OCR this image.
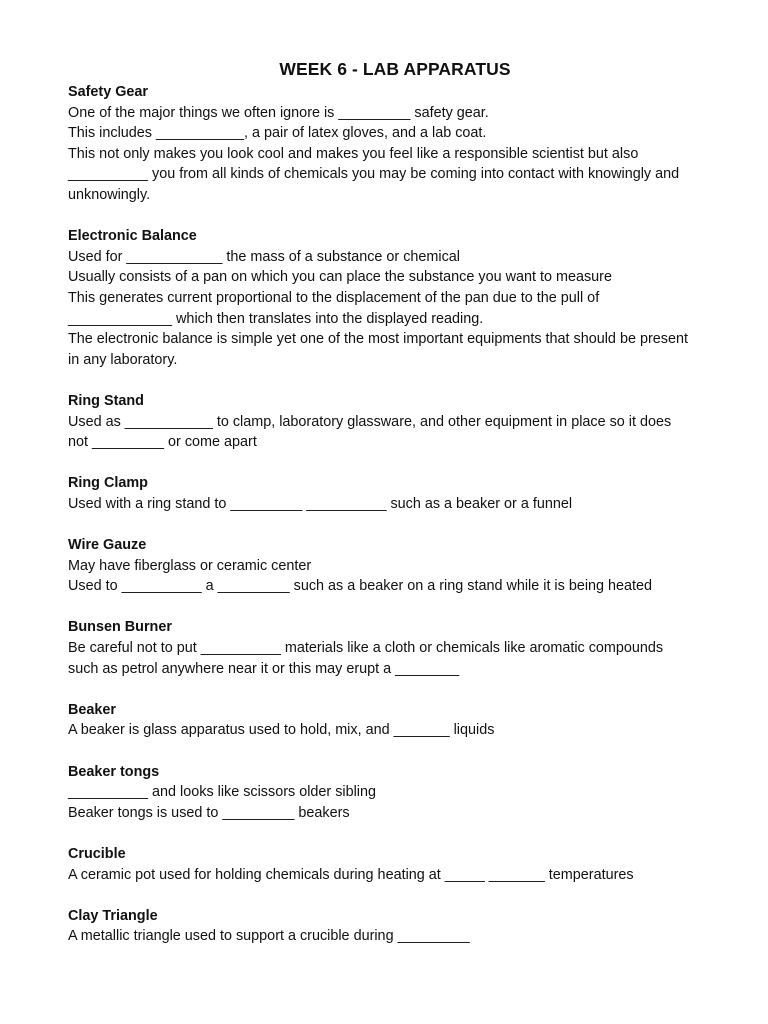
WEEK 6 - LAB APPARATUS
Safety Gear
One of the major things we often ignore is _________ safety gear.
This includes ___________, a pair of latex gloves, and a lab coat.
This not only makes you look cool and makes you feel like a responsible scientist but also
__________ you from all kinds of chemicals you may be coming into contact with knowingly and
unknowingly.
Electronic Balance
Used for ____________ the mass of a substance or chemical
Usually consists of a pan on which you can place the substance you want to measure
This generates current proportional to the displacement of the pan due to the pull of
_____________ which then translates into the displayed reading.
The electronic balance is simple yet one of the most important equipments that should be present
in any laboratory.
Ring Stand
Used as ___________ to clamp, laboratory glassware, and other equipment in place so it does
not _________ or come apart
Ring Clamp
Used with a ring stand to _________ __________ such as a beaker or a funnel
Wire Gauze
May have fiberglass or ceramic center
Used to __________ a _________ such as a beaker on a ring stand while it is being heated
Bunsen Burner
Be careful not to put __________ materials like a cloth or chemicals like aromatic compounds
such as petrol anywhere near it or this may erupt a ________
Beaker
A beaker is glass apparatus used to hold, mix, and _______ liquids
Beaker tongs
__________ and looks like scissors older sibling
Beaker tongs is used to _________ beakers
Crucible
A ceramic pot used for holding chemicals during heating at _____ _______ temperatures
Clay Triangle
A metallic triangle used to support a crucible during _________
